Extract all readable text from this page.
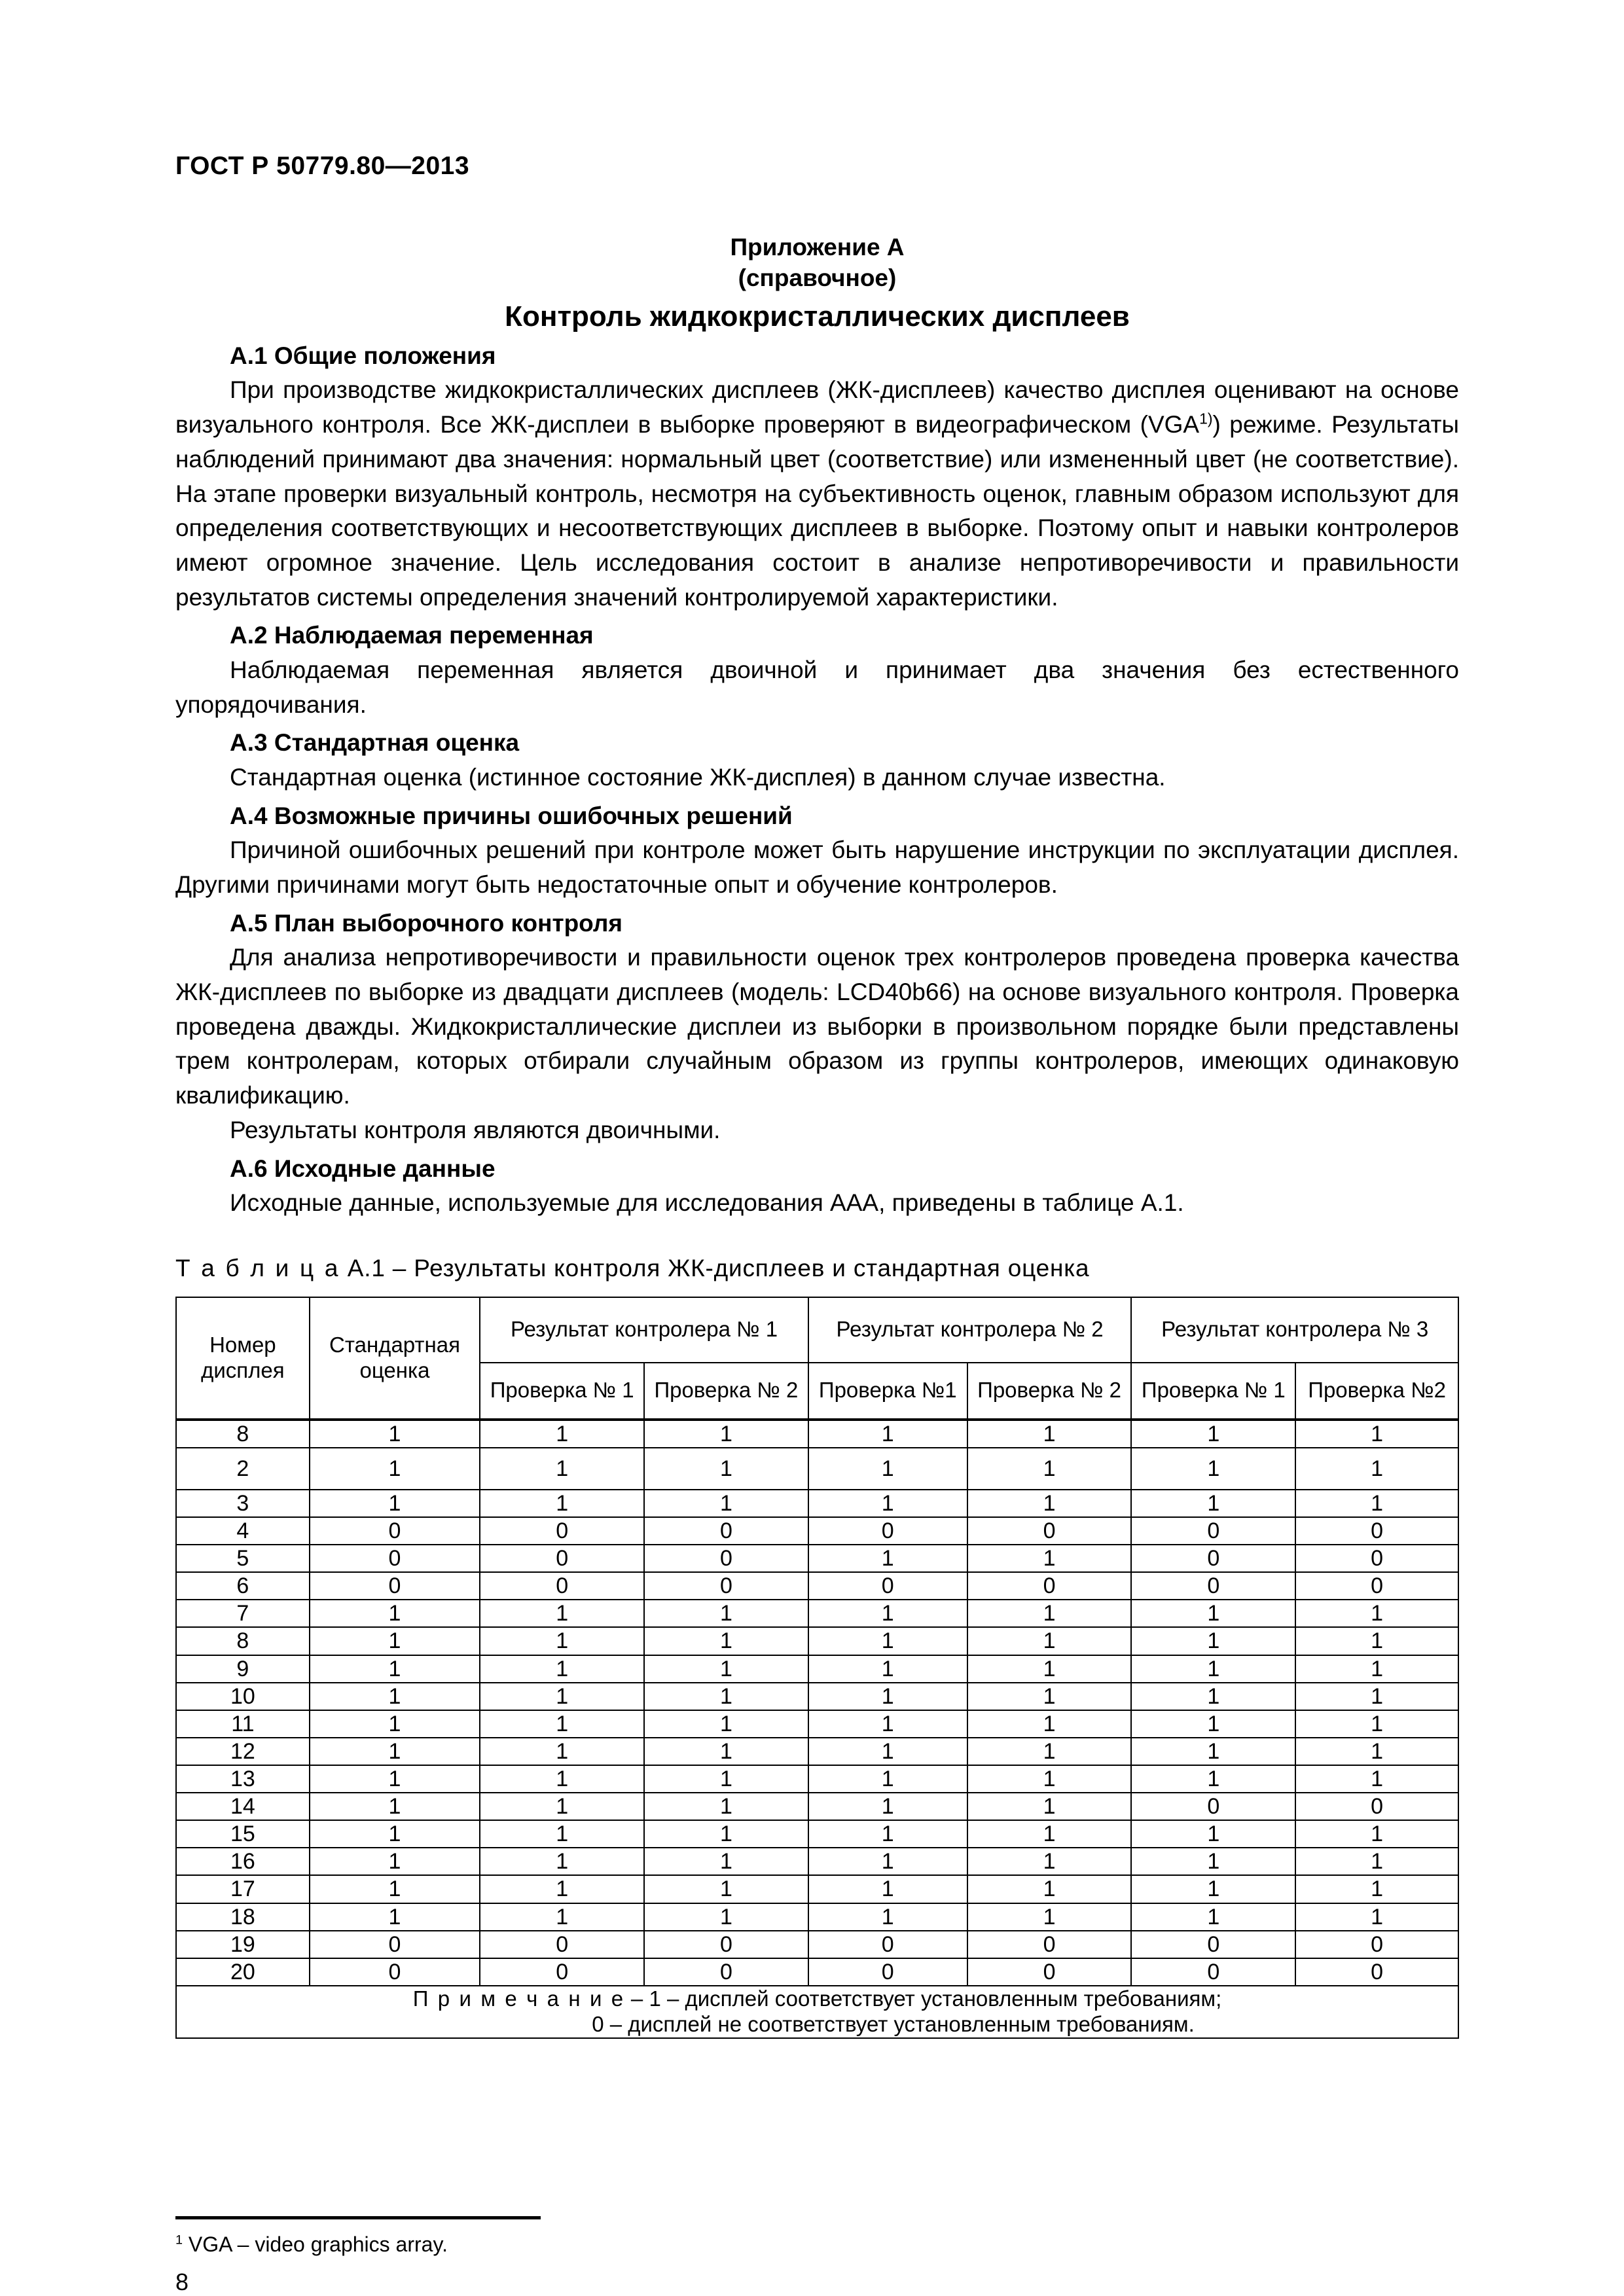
ГОСТ Р 50779.80—2013
Приложение А
(справочное)
Контроль жидкокристаллических дисплеев
А.1 Общие положения

При производстве жидкокристаллических дисплеев (ЖК-дисплеев) качество дисплея оценивают на основе визуального контроля. Все ЖК-дисплеи в выборке проверяют в видеографическом (VGA$^{1)}$) режиме. Результаты наблюдений принимают два значения: нормальный цвет (соответствие) или измененный цвет (не соответствие). На этапе проверки визуальный контроль, несмотря на субъективность оценок, главным образом используют для определения соответствующих и несоответствующих дисплеев в выборке. Поэтому опыт и навыки контролеров имеют огромное значение. Цель исследования состоит в анализе непротиворечивости и правильности результатов системы определения значений контролируемой характеристики.

А.2 Наблюдаемая переменная

Наблюдаемая переменная является двоичной и принимает два значения без естественного упорядочивания.

А.3 Стандартная оценка

Стандартная оценка (истинное состояние ЖК-дисплея) в данном случае известна.

А.4 Возможные причины ошибочных решений

Причиной ошибочных решений при контроле может быть нарушение инструкции по эксплуатации дисплея. Другими причинами могут быть недостаточные опыт и обучение контролеров.

А.5 План выборочного контроля

Для анализа непротиворечивости и правильности оценок трех контролеров проведена проверка качества ЖК-дисплеев по выборке из двадцати дисплеев (модель: LCD40b66) на основе визуального контроля. Проверка проведена дважды. Жидкокристаллические дисплеи из выборки в произвольном порядке были представлены трем контролерам, которых отбирали случайным образом из группы контролеров, имеющих одинаковую квалификацию.

Результаты контроля являются двоичными.

А.6 Исходные данные

Исходные данные, используемые для исследования ААА, приведены в таблице А.1.

Т а б л и ц а А.1 – Результаты контроля ЖК-дисплеев и стандартная оценка
Номер дисплея	Стандартная оценка	Результат контролера № 1		Результат контролера № 2		Результат контролера № 3	
		Проверка № 1	Проверка № 2	Проверка №1	Проверка № 2	Проверка № 1	Проверка №2
8	1	1	1	1	1	1	1
2	1	1	1	1	1	1	1
3	1	1	1	1	1	1	1
4	0	0	0	0	0	0	0
5	0	0	0	1	1	0	0
6	0	0	0	0	0	0	0
7	1	1	1	1	1	1	1
8	1	1	1	1	1	1	1
9	1	1	1	1	1	1	1
10	1	1	1	1	1	1	1
11	1	1	1	1	1	1	1
12	1	1	1	1	1	1	1
13	1	1	1	1	1	1	1
14	1	1	1	1	1	0	0
15	1	1	1	1	1	1	1
16	1	1	1	1	1	1	1
17	1	1	1	1	1	1	1
18	1	1	1	1	1	1	1
19	0	0	0	0	0	0	0
20	0	0	0	0	0	0	0

П р и м е ч а н и е – 1 – дисплей соответствует установленным требованиям;
0 – дисплей не соответствует установленным требованиям.							

$^1$ VGA – video graphics array.

8
